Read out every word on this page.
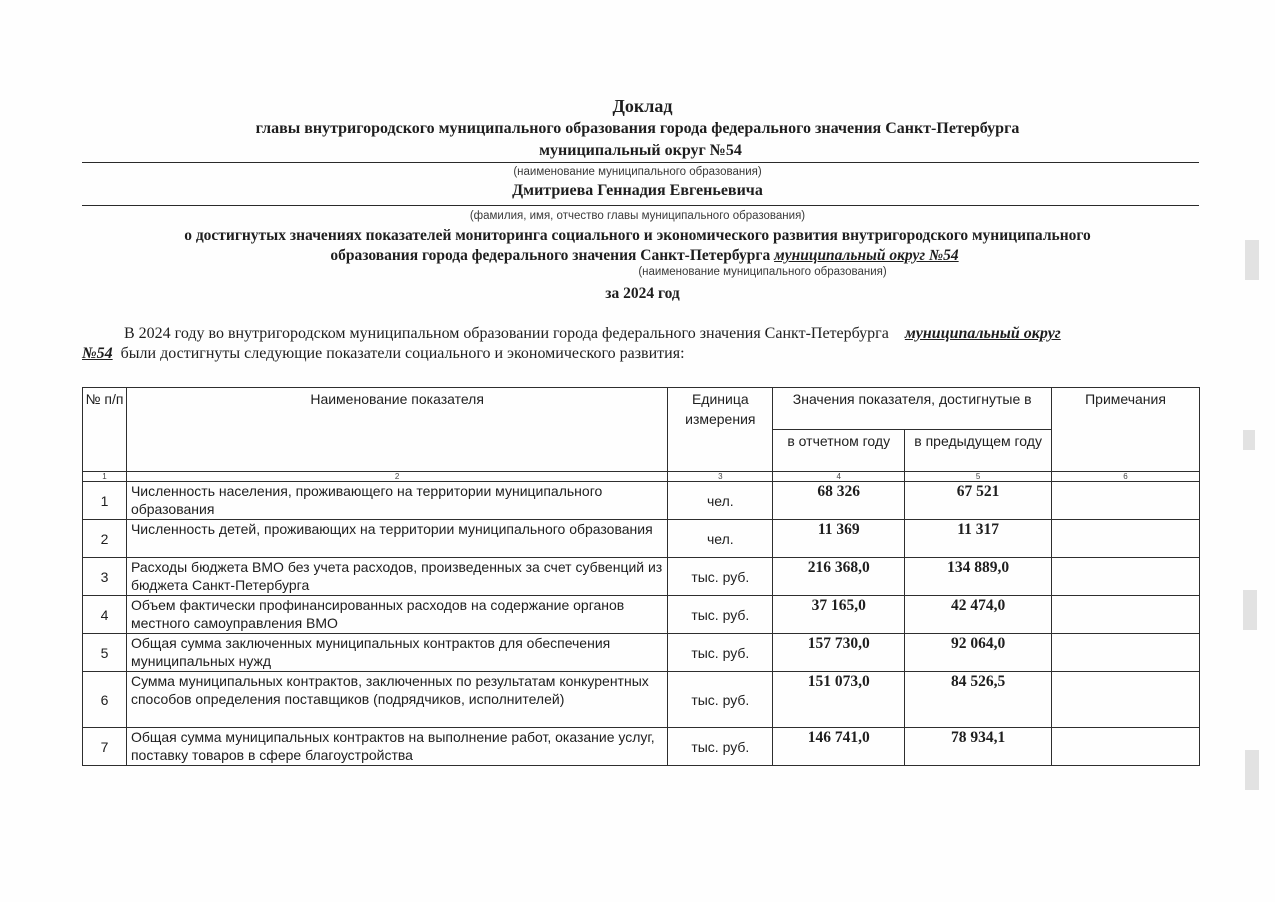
Доклад
главы внутригородского муниципального образования города федерального значения Санкт-Петербурга
муниципальный округ №54
(наименование муниципального образования)
Дмитриева Геннадия Евгеньевича
(фамилия, имя, отчество главы муниципального образования)
о достигнутых значениях показателей мониторинга социального и экономического развития внутригородского муниципального
образования города федерального значения Санкт-Петербурга муниципальный округ №54
(наименование муниципального образования)
за 2024 год
В 2024 году во внутригородском муниципальном образовании города федерального значения Санкт-Петербурга муниципальный округ
№54 были достигнуты следующие показатели социального и экономического развития:
№ п/п	Наименование показателя	Единица измерения	Значения показателя, достигнутые в		Примечания
			в отчетном году	в предыдущем году	
1	2	3	4	5	6
1	Численность населения, проживающего на территории муниципального образования	чел.	68 326	67 521	
2	Численность детей, проживающих на территории муниципального образования	чел.	11 369	11 317	
3	Расходы бюджета ВМО без учета расходов, произведенных за счет субвенций из бюджета Санкт-Петербурга	тыс. руб.	216 368,0	134 889,0	
4	Объем фактически профинансированных расходов на содержание органов местного самоуправления ВМО	тыс. руб.	37 165,0	42 474,0	
5	Общая сумма заключенных муниципальных контрактов для обеспечения муниципальных нужд	тыс. руб.	157 730,0	92 064,0	
6	Сумма муниципальных контрактов, заключенных по результатам конкурентных способов определения поставщиков (подрядчиков, исполнителей)	тыс. руб.	151 073,0	84 526,5	
7	Общая сумма муниципальных контрактов на выполнение работ, оказание услуг, поставку товаров в сфере благоустройства	тыс. руб.	146 741,0	78 934,1	
